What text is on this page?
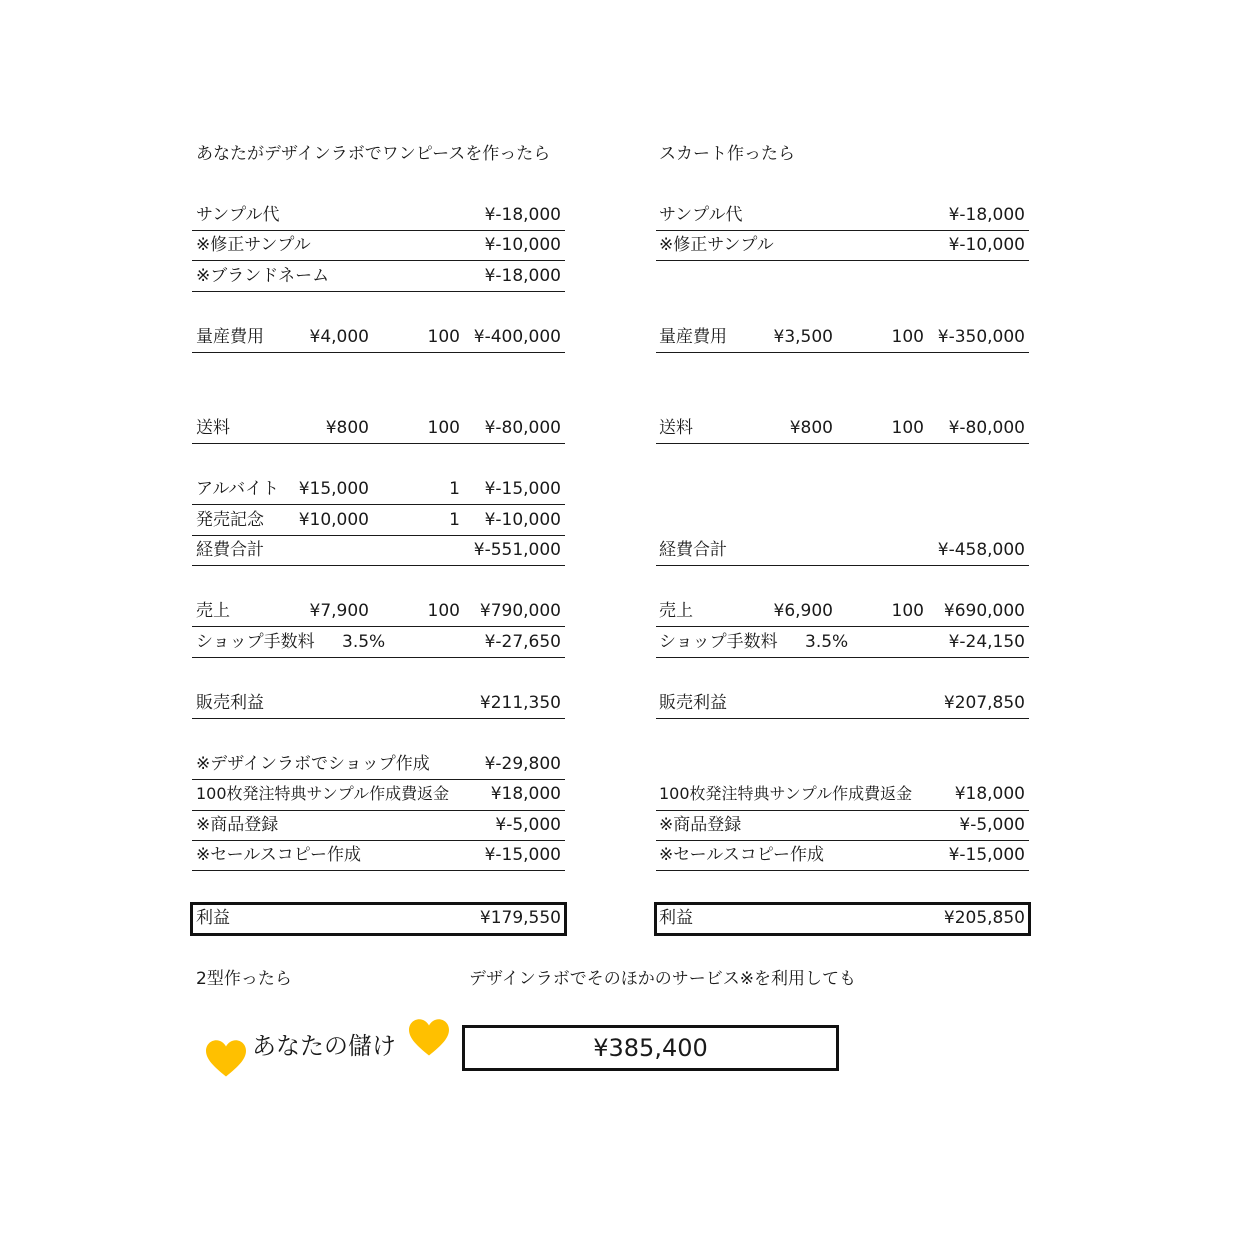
あなたがデザインラボでワンピースを作ったら
サンプル代	¥-18,000
※修正サンプル	¥-10,000
※ブランドネーム	¥-18,000
量産費用	¥4,000	100 ¥-400,000
送料	¥800	100	¥-80,000
アルバイト	¥15,000	1	¥-15,000
発売記念	¥10,000	1	¥-10,000
経費合計	¥-551,000
売上	¥7,900	100	¥790,000
ショップ手数料 3.5%	¥-27,650
販売利益	¥211,350
※デザインラボでショップ作成	¥-29,800
100枚発注特典サンプル作成費返金	¥18,000
※商品登録	¥-5,000
※セールスコピー作成	¥-15,000
利益	¥179,550
スカート作ったら
サンプル代	¥-18,000
※修正サンプル	¥-10,000
量産費用	¥3,500	100 ¥-350,000
送料	¥800	100	¥-80,000
経費合計	¥-458,000
売上	¥6,900	100	¥690,000
ショップ手数料 3.5%	¥-24,150
販売利益	¥207,850
100枚発注特典サンプル作成費返金	¥18,000
※商品登録	¥-5,000
※セールスコピー作成	¥-15,000
利益	¥205,850
2型作ったら	デザインラボでそのほかのサービス※を利用しても
あなたの儲け	¥385,400
